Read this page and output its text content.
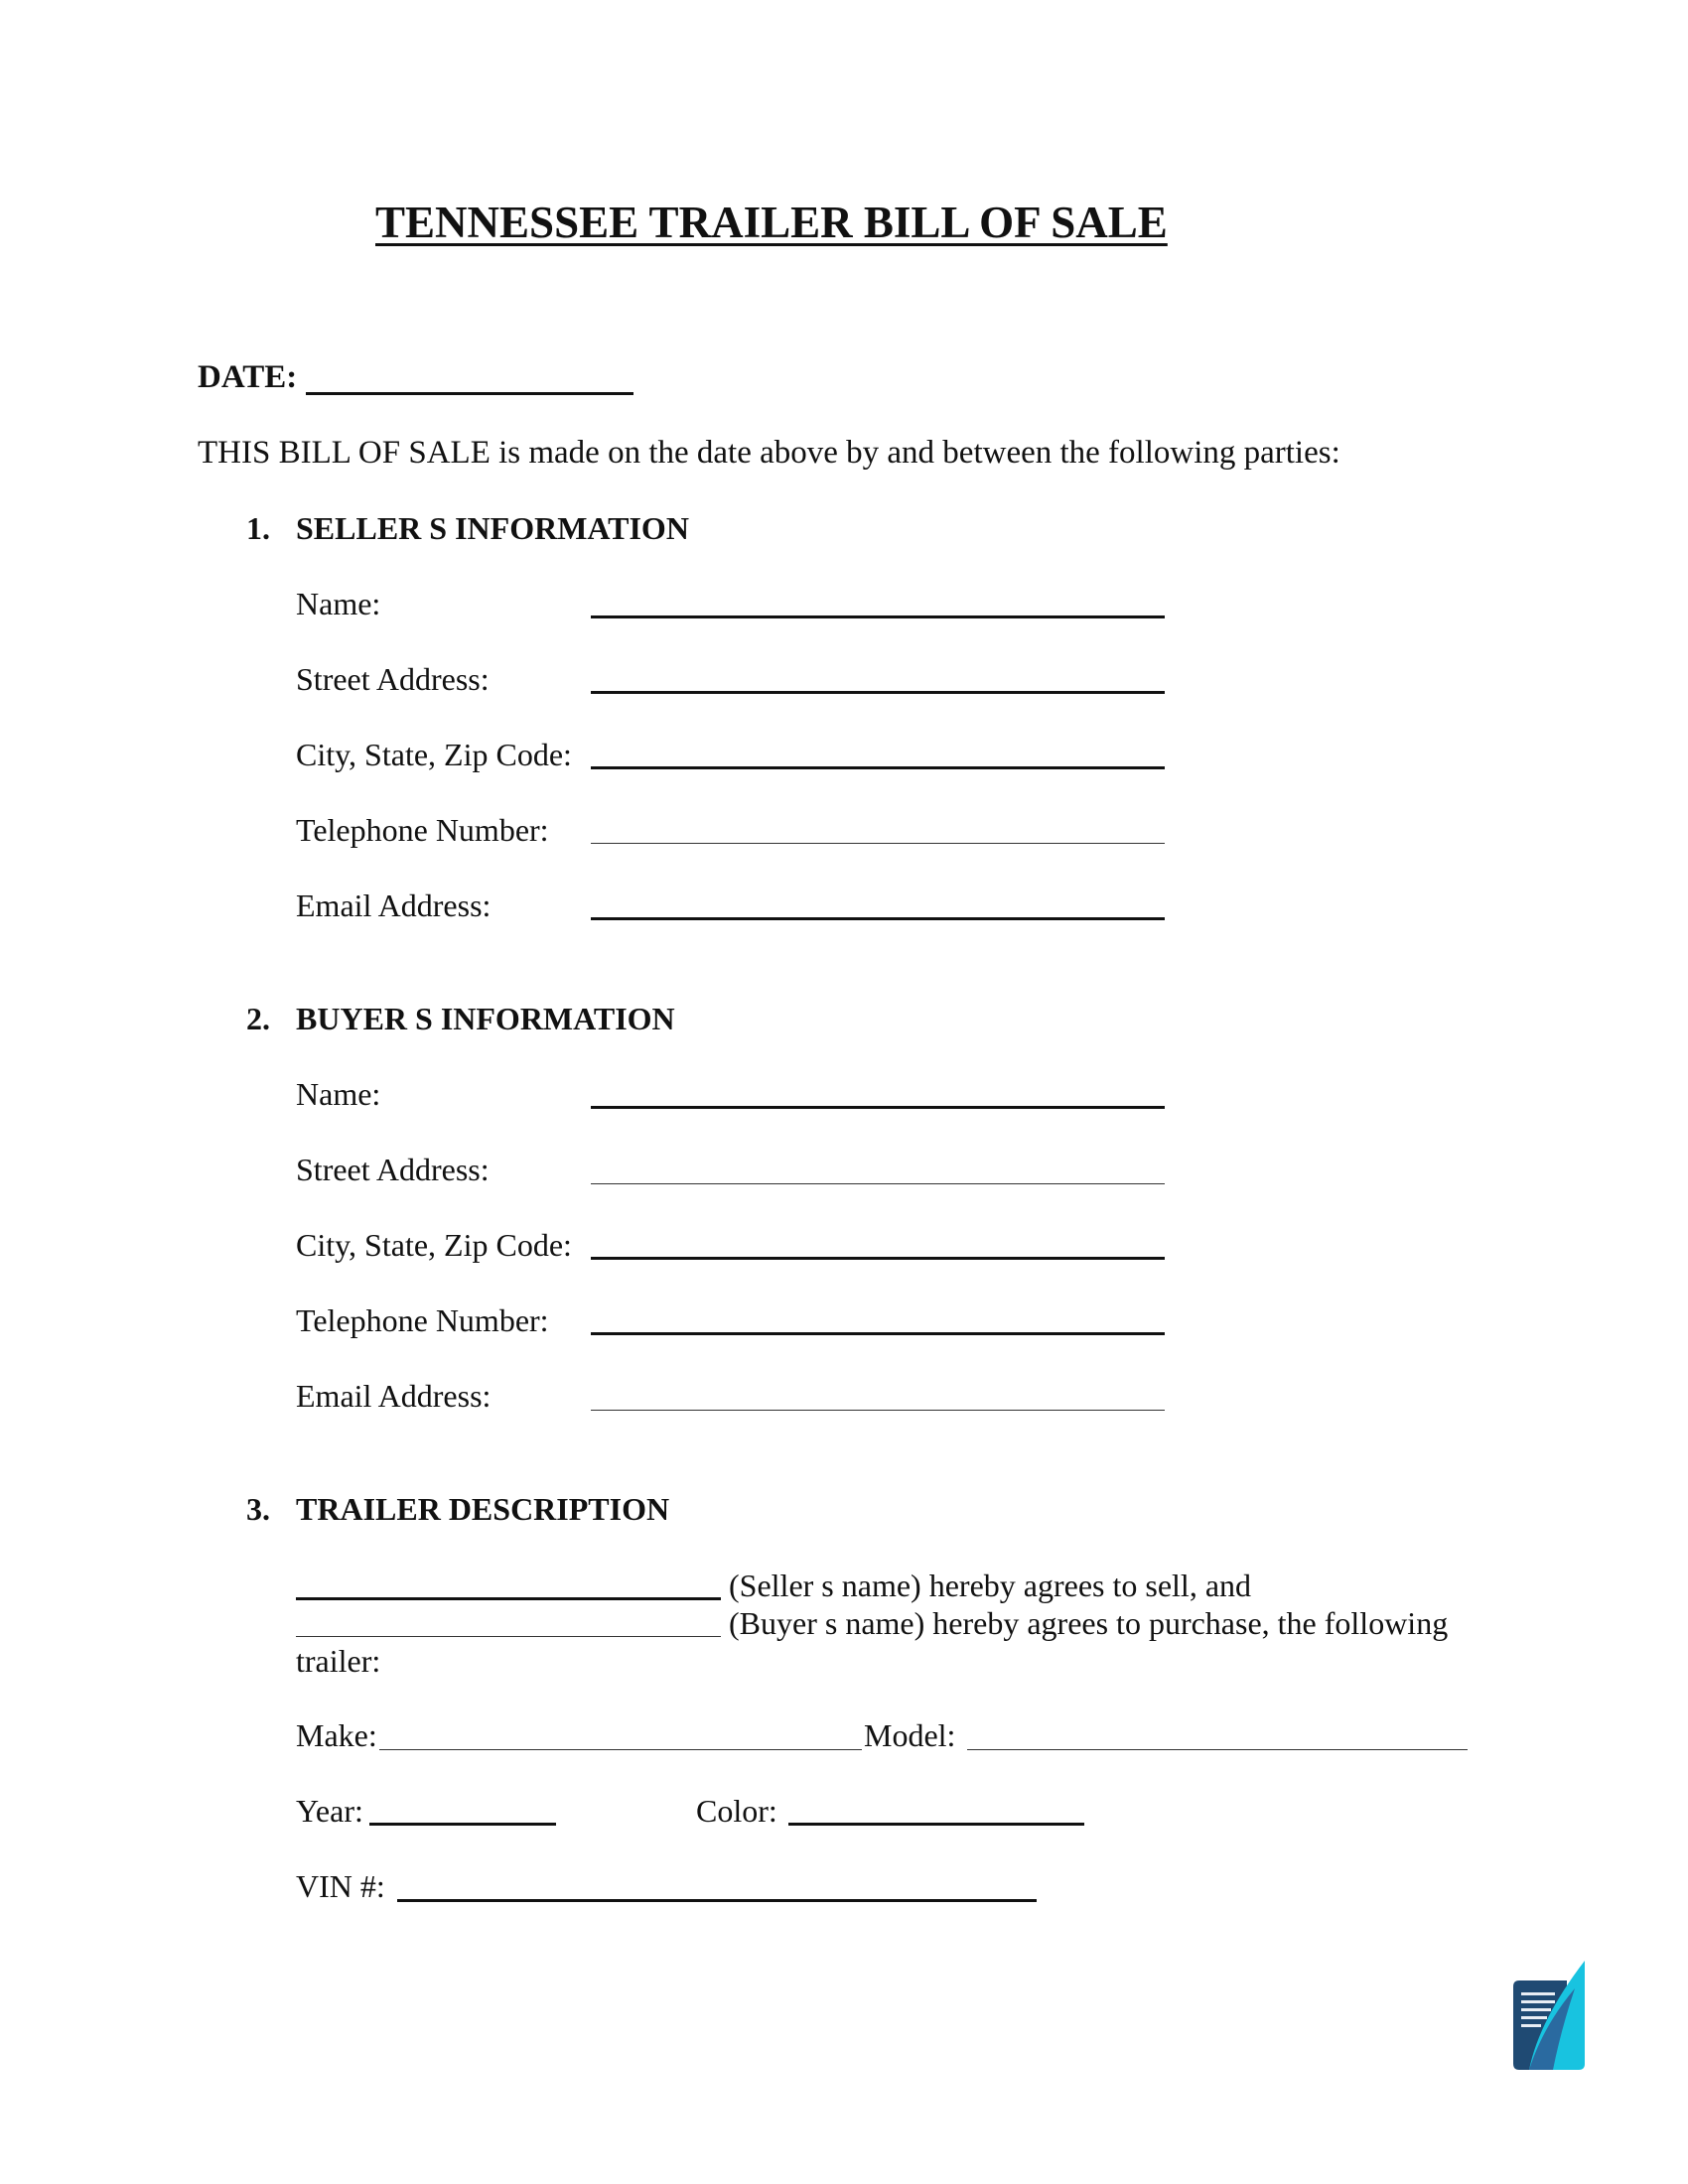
TENNESSEE TRAILER BILL OF SALE
DATE:
THIS BILL OF SALE is made on the date above by and between the following parties:
1. SELLER S INFORMATION
Name:
Street Address:
City, State, Zip Code:
Telephone Number:
Email Address:
2. BUYER S INFORMATION
Name:
Street Address:
City, State, Zip Code:
Telephone Number:
Email Address:
3. TRAILER DESCRIPTION
(Seller s name) hereby agrees to sell, and
(Buyer s name) hereby agrees to purchase, the following
trailer:
Make:	Model:
Year:	Color:
VIN #:
